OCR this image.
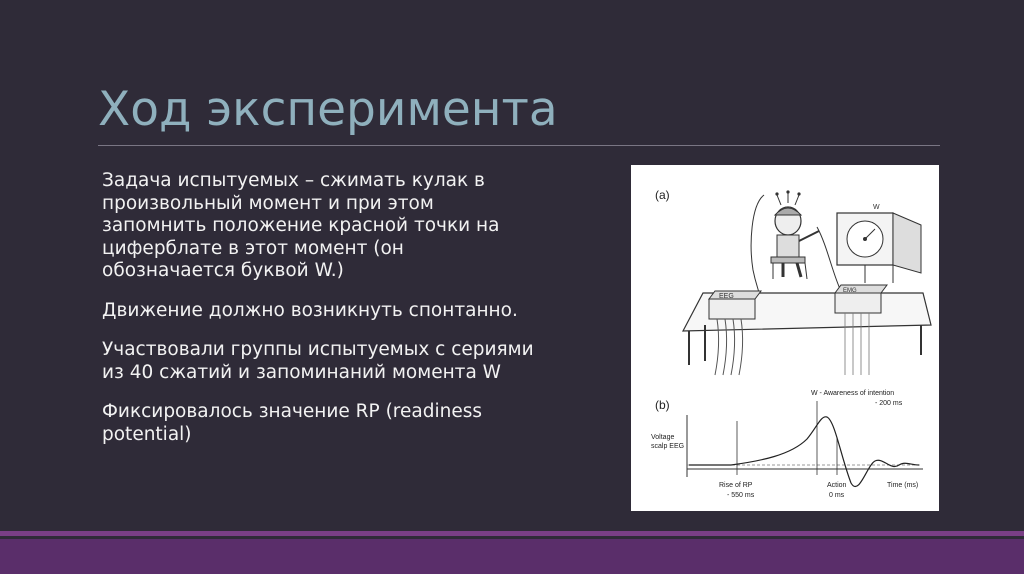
Ход эксперимента

Задача испытуемых – сжимать кулак в произвольный момент и при этом запомнить положение красной точки на циферблате в этот момент (он обозначается буквой W.)

Движение должно возникнуть спонтанно.

Участвовали группы испытуемых с сериями из 40 сжатий и запоминаний момента W

Фиксировалось значение RP (readiness potential)

(a)
W
EEG
EMG
(b)
W - Awareness of intention
- 200 ms
Voltage
scalp EEG
Rise of RP
- 550 ms
Action
0 ms
Time (ms)
